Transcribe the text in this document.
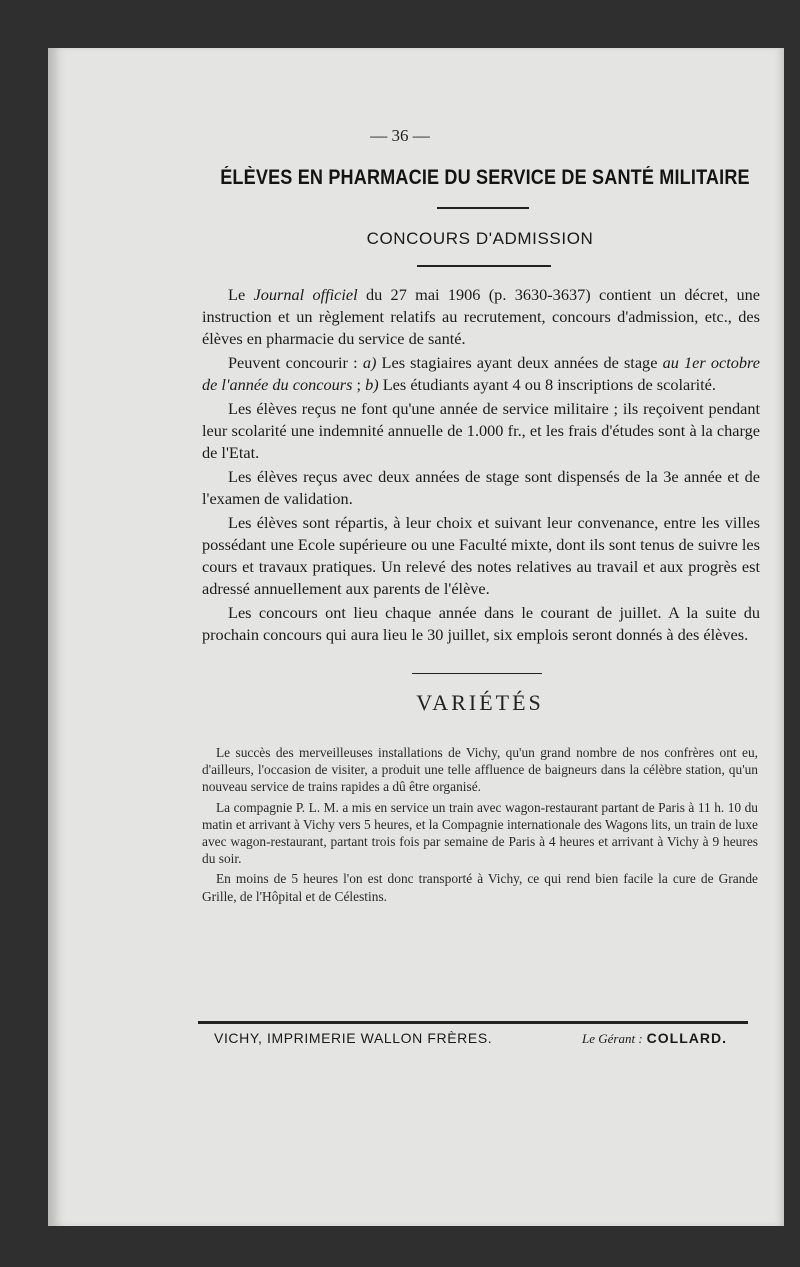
— 36 —
ÉLÈVES EN PHARMACIE DU SERVICE DE SANTÉ MILITAIRE
CONCOURS D'ADMISSION

Le Journal officiel du 27 mai 1906 (p. 3630-3637) contient un décret, une instruction et un règlement relatifs au recrutement, concours d'admission, etc., des élèves en pharmacie du service de santé.

Peuvent concourir : a) Les stagiaires ayant deux années de stage au 1er octobre de l'année du concours ; b) Les étudiants ayant 4 ou 8 inscriptions de scolarité.

Les élèves reçus ne font qu'une année de service militaire ; ils reçoivent pendant leur scolarité une indemnité annuelle de 1.000 fr., et les frais d'études sont à la charge de l'Etat.

Les élèves reçus avec deux années de stage sont dispensés de la 3e année et de l'examen de validation.

Les élèves sont répartis, à leur choix et suivant leur convenance, entre les villes possédant une Ecole supérieure ou une Faculté mixte, dont ils sont tenus de suivre les cours et travaux pratiques. Un relevé des notes relatives au travail et aux progrès est adressé annuellement aux parents de l'élève.

Les concours ont lieu chaque année dans le courant de juillet. A la suite du prochain concours qui aura lieu le 30 juillet, six emplois seront donnés à des élèves.

VARIÉTÉS

Le succès des merveilleuses installations de Vichy, qu'un grand nombre de nos confrères ont eu, d'ailleurs, l'occasion de visiter, a produit une telle affluence de baigneurs dans la célèbre station, qu'un nouveau service de trains rapides a dû être organisé.

La compagnie P. L. M. a mis en service un train avec wagon-restaurant partant de Paris à 11 h. 10 du matin et arrivant à Vichy vers 5 heures, et la Compagnie internationale des Wagons lits, un train de luxe avec wagon-restaurant, partant trois fois par semaine de Paris à 4 heures et arrivant à Vichy à 9 heures du soir.

En moins de 5 heures l'on est donc transporté à Vichy, ce qui rend bien facile la cure de Grande Grille, de l'Hôpital et de Célestins.

VICHY, IMPRIMERIE WALLON FRÈRES.	Le Gérant : COLLARD.
